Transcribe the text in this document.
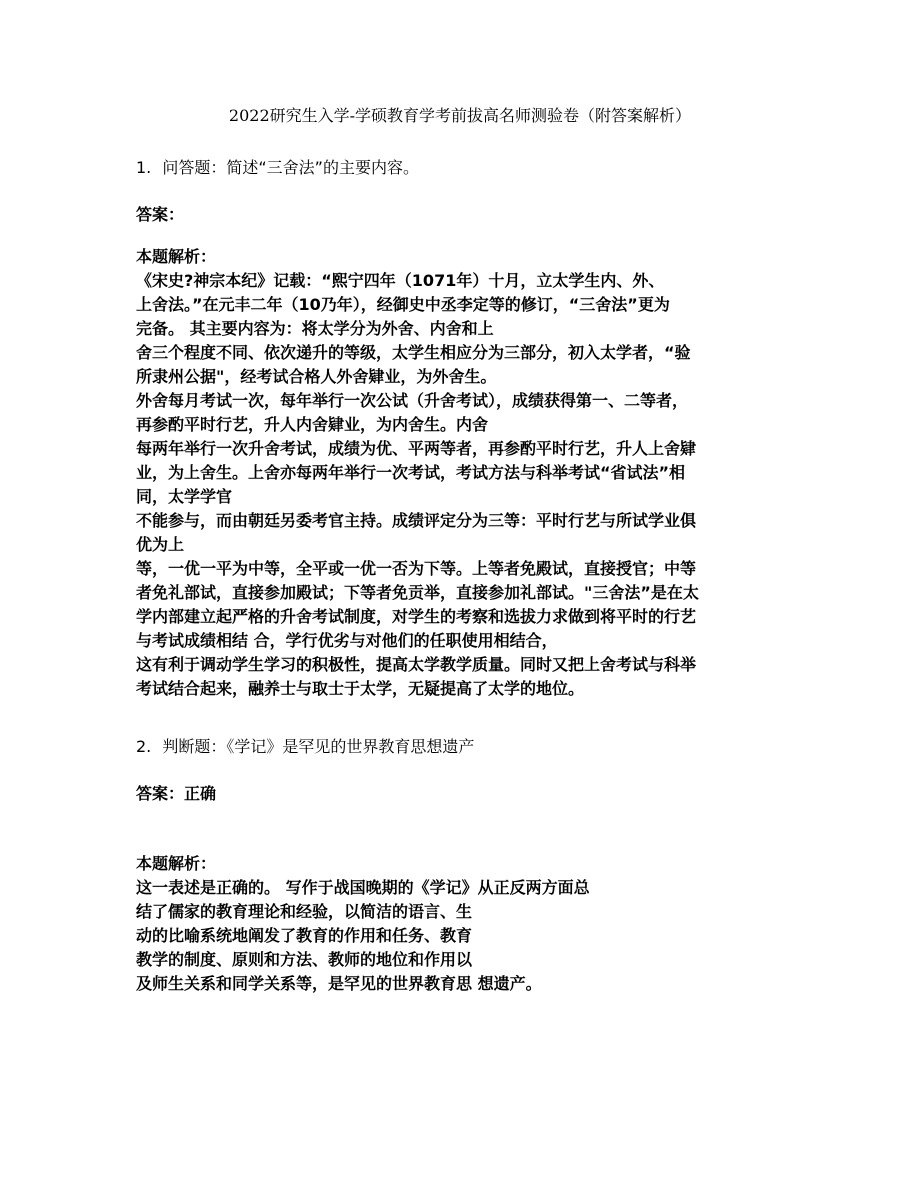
2022研究生入学-学硕教育学考前拔高名师测验卷（附答案解析）
1. 问答题：简述“三舍法”的主要内容。
答案：
本题解析：
《宋史?神宗本纪》记载：“熙宁四年（1071年）十月，立太学生内、外、
上舍法。”在元丰二年（10乃年），经御史中丞李定等的修订，“三舍法”更为
完备。 其主要内容为：将太学分为外舍、内舍和上
舍三个程度不同、依次递升的等级，太学生相应分为三部分，初入太学者，“验
所隶州公据"，经考试合格人外舍肄业，为外舍生。
外舍每月考试一次，每年举行一次公试（升舍考试），成绩获得第一、二等者，
再参酌平时行艺，升人内舍肄业，为内舍生。内舍
每两年举行一次升舍考试，成绩为优、平两等者，再参酌平时行艺，升人上舍肄
业，为上舍生。上舍亦每两年举行一次考试，考试方法与科举考试“省试法”相
同，太学学官
不能参与，而由朝廷另委考官主持。成绩评定分为三等：平时行艺与所试学业俱
优为上
等，一优一平为中等，全平或一优一否为下等。上等者免殿试，直接授官；中等
者免礼部试，直接参加殿试；下等者免贡举，直接参加礼部试。"三舍法”是在太
学内部建立起严格的升舍考试制度，对学生的考察和选拔力求做到将平时的行艺
与考试成绩相结 合，学行优劣与对他们的任职使用相结合，
这有利于调动学生学习的积极性，提高太学教学质量。同时又把上舍考试与科举
考试结合起来，融养士与取士于太学，无疑提高了太学的地位。
2. 判断题：《学记》是罕见的世界教育思想遗产
答案：正确
本题解析：
这一表述是正确的。 写作于战国晚期的《学记》从正反两方面总
结了儒家的教育理论和经验，以简洁的语言、生
动的比喻系统地阐发了教育的作用和任务、教育
教学的制度、原则和方法、教师的地位和作用以
及师生关系和同学关系等，是罕见的世界教育思 想遗产。
